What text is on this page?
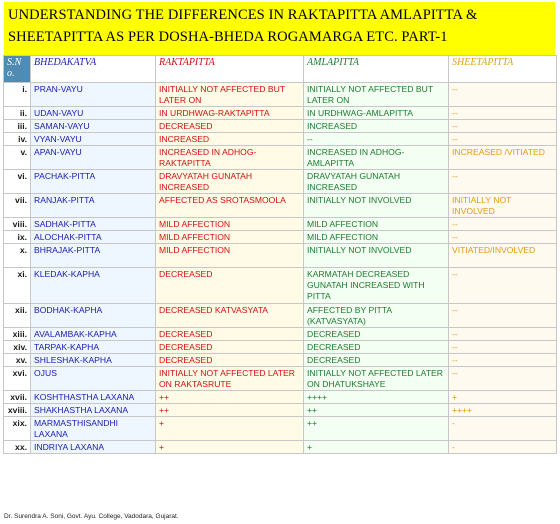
UNDERSTANDING THE DIFFERENCES IN RAKTAPITTA AMLAPITTA &
SHEETAPITTA AS PER DOSHA-BHEDA ROGAMARGA ETC. PART-1
S.N o.	BHEDAKATVA	RAKTAPITTA	AMLAPITTA	SHEETAPITTA
i.	PRAN-VAYU	INITIALLY NOT AFFECTED BUT LATER ON	INITIALLY NOT AFFECTED BUT LATER ON	--
ii.	UDAN-VAYU	IN URDHWAG-RAKTAPITTA	IN URDHWAG-AMLAPITTA	--
iii.	SAMAN-VAYU	DECREASED	INCREASED	--
iv.	VYAN-VAYU	INCREASED	--	--
v.	APAN-VAYU	INCREASED IN ADHOG-RAKTAPITTA	INCREASED IN ADHOG-AMLAPITTA	INCREASED /VITIATED
vi.	PACHAK-PITTA	DRAVYATAH GUNATAH INCREASED	DRAVYATAH GUNATAH INCREASED	--
vii.	RANJAK-PITTA	AFFECTED AS SROTASMOOLA	INITIALLY NOT INVOLVED	INITIALLY NOT INVOLVED
viii.	SADHAK-PITTA	MILD AFFECTION	MILD AFFECTION	--
ix.	ALOCHAK-PITTA	MILD AFFECTION	MILD AFFECTION	--
x.	BHRAJAK-PITTA	MILD AFFECTION	INITIALLY NOT INVOLVED	VITIATED/INVOLVED
xi.	KLEDAK-KAPHA	DECREASED	KARMATAH DECREASED GUNATAH INCREASED WITH PITTA	--
xii.	BODHAK-KAPHA	DECREASED KATVASYATA	AFFECTED BY PITTA (KATVASYATA)	--
xiii.	AVALAMBAK-KAPHA	DECREASED	DECREASED	--
xiv.	TARPAK-KAPHA	DECREASED	DECREASED	--
xv.	SHLESHAK-KAPHA	DECREASED	DECREASED	--
xvi.	OJUS	INITIALLY NOT AFFECTED LATER ON RAKTASRUTE	INITIALLY NOT AFFECTED LATER ON DHATUKSHAYE	--
xvii.	KOSHTHASTHA LAXANA	++	++++	+
xviii.	SHAKHASTHA LAXANA	++	++	++++
xix.	MARMASTHISANDHI LAXANA	+	++	-
xx.	INDRIYA LAXANA	+	+	-
Dr. Surendra A. Soni, Govt. Ayu. College, Vadodara, Gujarat.
